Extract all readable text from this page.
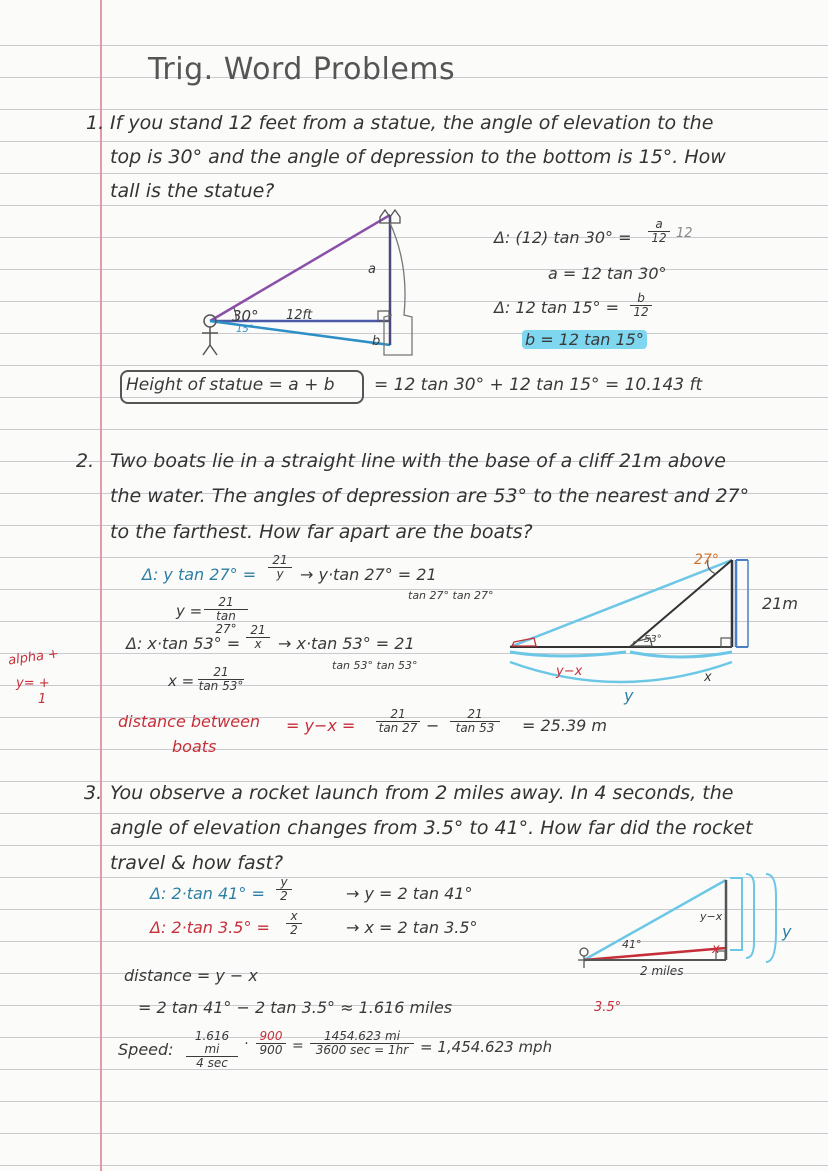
Trig. Word Problems
alpha +
y= +
1
1. If you stand 12 feet from a statue, the angle of elevation to the
top is 30° and the angle of depression to the bottom is 15°. How
tall is the statue?
30°
15°
12ft
a
b
Δ: (12) $\tan 30^\circ = \frac{a}{12} 12$
a = 12 tan 30°
Δ: 12 $\tan 15^\circ = \frac{b}{12}$
b = 12 tan 15°
Height of statue = a + b = 12 tan 30° + 12 tan 15° = 10.143 ft
2. Two boats lie in a straight line with the base of a cliff 21m above
the water. The angles of depression are 53° to the nearest and 27°
to the farthest. How far apart are the boats?
Δ: y $\tan 27^\circ = \frac{21}{y} \to y\cdot\tan$ 27° = 21
tan 27° tan 27°
$y = \frac{21}{\tan 27^\circ}$
Δ: x·tan $53^\circ = \frac{21}{x} \to x\cdot\tan$ 53° = 21
tan 53° tan 53°
$x = \frac{21}{\tan 53^\circ}$
27°
53°
21m
y−x
y
x
distance between
boats
= $y-x = \frac{21}{\tan 27} - \frac{21}{\tan 53} = 25.39$ m
3. You observe a rocket launch from 2 miles away. In 4 seconds, the
angle of elevation changes from 3.5° to 41°. How far did the rocket
travel & how fast?
Δ: 2·tan $41^\circ = \frac{y}{2}$	→ y = 2 tan 41°
Δ: 2·tan $3.5^\circ = \frac{x}{2}$	→ x = 2 tan 3.5°
41°
2 miles
3.5°
y−x
y
x
distance = y − x
= 2 tan 41° − 2 tan 3.5° ≈ 1.616 miles
Speed:
1.616 mi
4 sec
· $\frac{900}{900}$ =
1454.623 mi
3600 sec = 1hr = 1,454.623 mph
